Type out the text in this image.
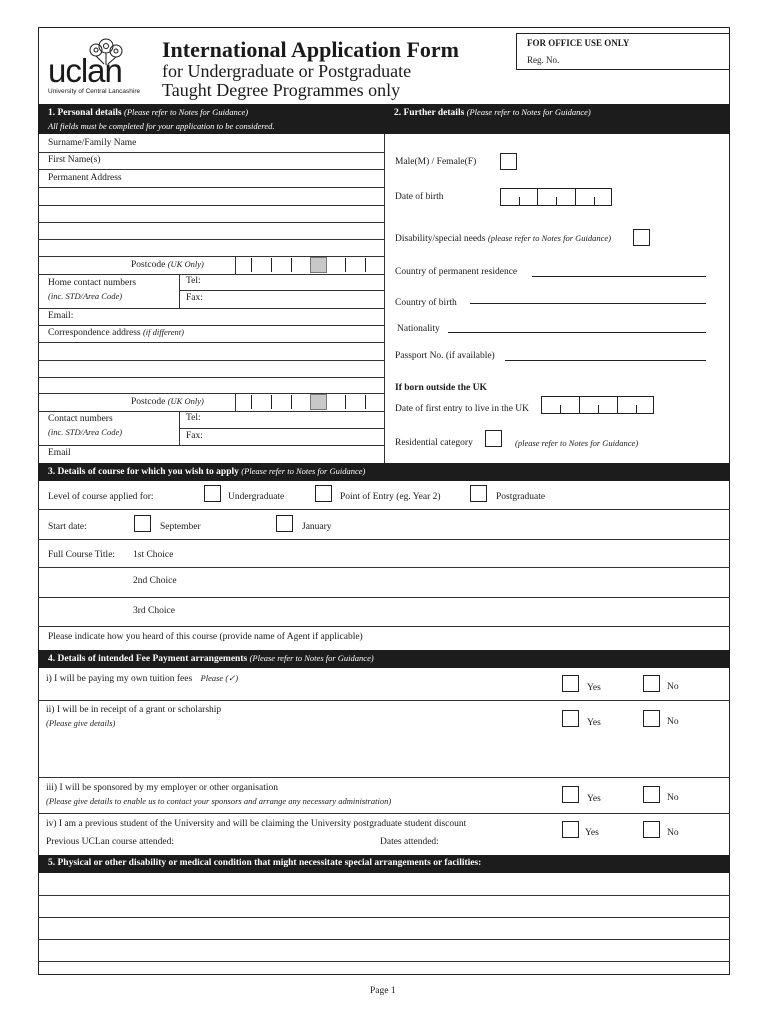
uclan
University of Central Lancashire
International Application Form
for Undergraduate or Postgraduate
Taught Degree Programmes only
FOR OFFICE USE ONLY
Reg. No.
1. Personal details (Please refer to Notes for Guidance)
All fields must be completed for your application to be considered.
2. Further details (Please refer to Notes for Guidance)
Surname/Family Name
First Name(s)
Permanent Address
Postcode (UK Only)
Home contact numbers
(inc. STD/Area Code)
Tel:
Fax:
Email:
Correspondence address (if different)
Postcode (UK Only)
Contact numbers
(inc. STD/Area Code)
Tel:
Fax:
Email
Male(M) / Female(F)
Date of birth
Disability/special needs (please refer to Notes for Guidance)
Country of permanent residence
Country of birth
Nationality
Passport No. (if available)
If born outside the UK
Date of first entry to live in the UK
Residential category	(please refer to Notes for Guidance)
3. Details of course for which you wish to apply (Please refer to Notes for Guidance)
Level of course applied for:	Undergraduate	Point of Entry (eg. Year 2)	Postgraduate
Start date:	September	January
Full Course Title: 1st Choice
2nd Choice
3rd Choice
Please indicate how you heard of this course (provide name of Agent if applicable)
4. Details of intended Fee Payment arrangements (Please refer to Notes for Guidance)
i) I will be paying my own tuition fees Please (✓)
Yes	No
ii) I will be in receipt of a grant or scholarship
(Please give details)	Yes	No
iii) I will be sponsored by my employer or other organisation
(Please give details to enable us to contact your sponsors and arrange any necessary administration)	Yes	No
iv) I am a previous student of the University and will be claiming the University postgraduate student discount
Previous UCLan course attended:	Dates attended:
Yes	No
5. Physical or other disability or medical condition that might necessitate special arrangements or facilities:
Page 1
